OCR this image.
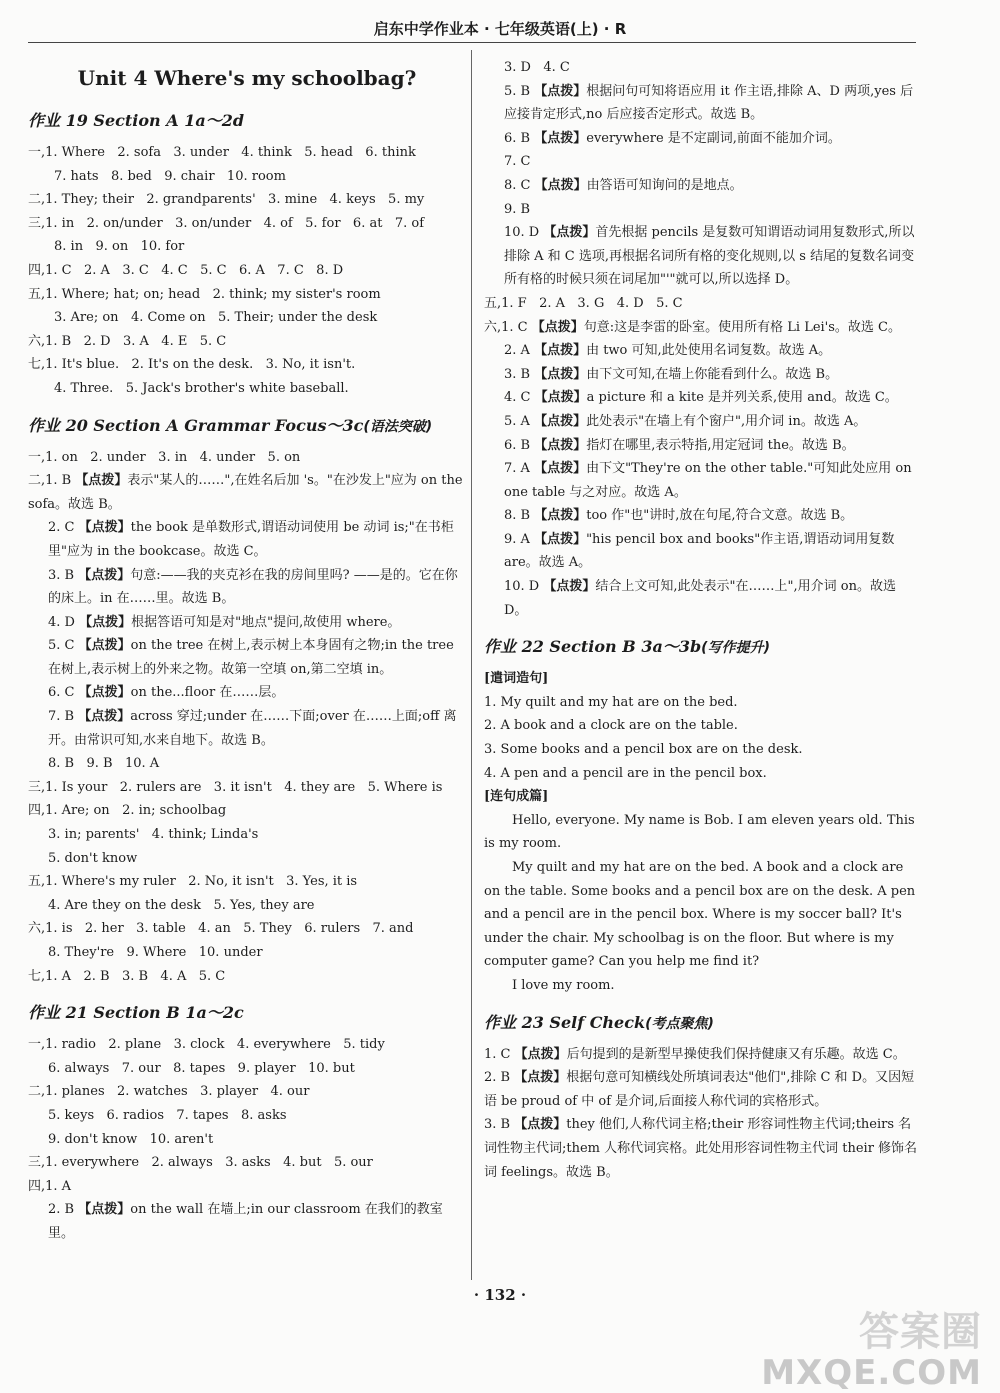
启东中学作业本 · 七年级英语(上) · R
Unit 4 Where's my schoolbag?
作业 19 Section A 1a～2d
一,1. Where   2. sofa   3. under   4. think   5. head   6. think
7. hats   8. bed   9. chair   10. room
二,1. They; their   2. grandparents'   3. mine   4. keys   5. my
三,1. in   2. on/under   3. on/under   4. of   5. for   6. at   7. of
8. in   9. on   10. for
四,1. C   2. A   3. C   4. C   5. C   6. A   7. C   8. D
五,1. Where; hat; on; head   2. think; my sister's room
3. Are; on   4. Come on   5. Their; under the desk
六,1. B   2. D   3. A   4. E   5. C
七,1. It's blue.   2. It's on the desk.   3. No, it isn't.
4. Three.   5. Jack's brother's white baseball.
作业 20 Section A Grammar Focus～3c(语法突破)
一,1. on   2. under   3. in   4. under   5. on
二,1. B 【点拨】表示"某人的……",在姓名后加 's。"在沙发上"应为 on the sofa。故选 B。
2. C 【点拨】the book 是单数形式,谓语动词使用 be 动词 is;"在书柜里"应为 in the bookcase。故选 C。
3. B 【点拨】句意:——我的夹克衫在我的房间里吗? ——是的。它在你的床上。in 在……里。故选 B。
4. D 【点拨】根据答语可知是对"地点"提问,故使用 where。
5. C 【点拨】on the tree 在树上,表示树上本身固有之物;in the tree 在树上,表示树上的外来之物。故第一空填 on,第二空填 in。
6. C 【点拨】on the...floor 在……层。
7. B 【点拨】across 穿过;under 在……下面;over 在……上面;off 离开。由常识可知,水来自地下。故选 B。
8. B   9. B   10. A
三,1. Is your   2. rulers are   3. it isn't   4. they are   5. Where is
四,1. Are; on   2. in; schoolbag
3. in; parents'   4. think; Linda's
5. don't know
五,1. Where's my ruler   2. No, it isn't   3. Yes, it is
4. Are they on the desk   5. Yes, they are
六,1. is   2. her   3. table   4. an   5. They   6. rulers   7. and
8. They're   9. Where   10. under
七,1. A   2. B   3. B   4. A   5. C
作业 21 Section B 1a～2c
一,1. radio   2. plane   3. clock   4. everywhere   5. tidy
6. always   7. our   8. tapes   9. player   10. but
二,1. planes   2. watches   3. player   4. our
5. keys   6. radios   7. tapes   8. asks
9. don't know   10. aren't
三,1. everywhere   2. always   3. asks   4. but   5. our
四,1. A
2. B 【点拨】on the wall 在墙上;in our classroom 在我们的教室里。
3. D   4. C
5. B 【点拨】根据问句可知将语应用 it 作主语,排除 A、D 两项,yes 后应接肯定形式,no 后应接否定形式。故选 B。
6. B 【点拨】everywhere 是不定副词,前面不能加介词。
7. C
8. C 【点拨】由答语可知询问的是地点。
9. B
10. D 【点拨】首先根据 pencils 是复数可知谓语动词用复数形式,所以排除 A 和 C 选项,再根据名词所有格的变化规则,以 s 结尾的复数名词变所有格的时候只须在词尾加"'"就可以,所以选择 D。
五,1. F   2. A   3. G   4. D   5. C
六,1. C 【点拨】句意:这是李雷的卧室。使用所有格 Li Lei's。故选 C。
2. A 【点拨】由 two 可知,此处使用名词复数。故选 A。
3. B 【点拨】由下文可知,在墙上你能看到什么。故选 B。
4. C 【点拨】a picture 和 a kite 是并列关系,使用 and。故选 C。
5. A 【点拨】此处表示"在墙上有个窗户",用介词 in。故选 A。
6. B 【点拨】指灯在哪里,表示特指,用定冠词 the。故选 B。
7. A 【点拨】由下文"They're on the other table."可知此处应用 on one table 与之对应。故选 A。
8. B 【点拨】too 作"也"讲时,放在句尾,符合文意。故选 B。
9. A 【点拨】"his pencil box and books"作主语,谓语动词用复数 are。故选 A。
10. D 【点拨】结合上文可知,此处表示"在……上",用介词 on。故选 D。
作业 22 Section B 3a～3b(写作提升)
[遣词造句]
1. My quilt and my hat are on the bed.
2. A book and a clock are on the table.
3. Some books and a pencil box are on the desk.
4. A pen and a pencil are in the pencil box.
[连句成篇]
Hello, everyone. My name is Bob. I am eleven years old. This is my room.
My quilt and my hat are on the bed. A book and a clock are on the table. Some books and a pencil box are on the desk. A pen and a pencil are in the pencil box. Where is my soccer ball? It's under the chair. My schoolbag is on the floor. But where is my computer game? Can you help me find it?
I love my room.
作业 23 Self Check(考点聚焦)
1. C 【点拨】后句提到的是新型早操使我们保持健康又有乐趣。故选 C。
2. B 【点拨】根据句意可知横线处所填词表达"他们",排除 C 和 D。又因短语 be proud of 中 of 是介词,后面接人称代词的宾格形式。
3. B 【点拨】they 他们,人称代词主格;their 形容词性物主代词;theirs 名词性物主代词;them 人称代词宾格。此处用形容词性物主代词 their 修饰名词 feelings。故选 B。
· 132 ·
答案圈
MXQE.COM
